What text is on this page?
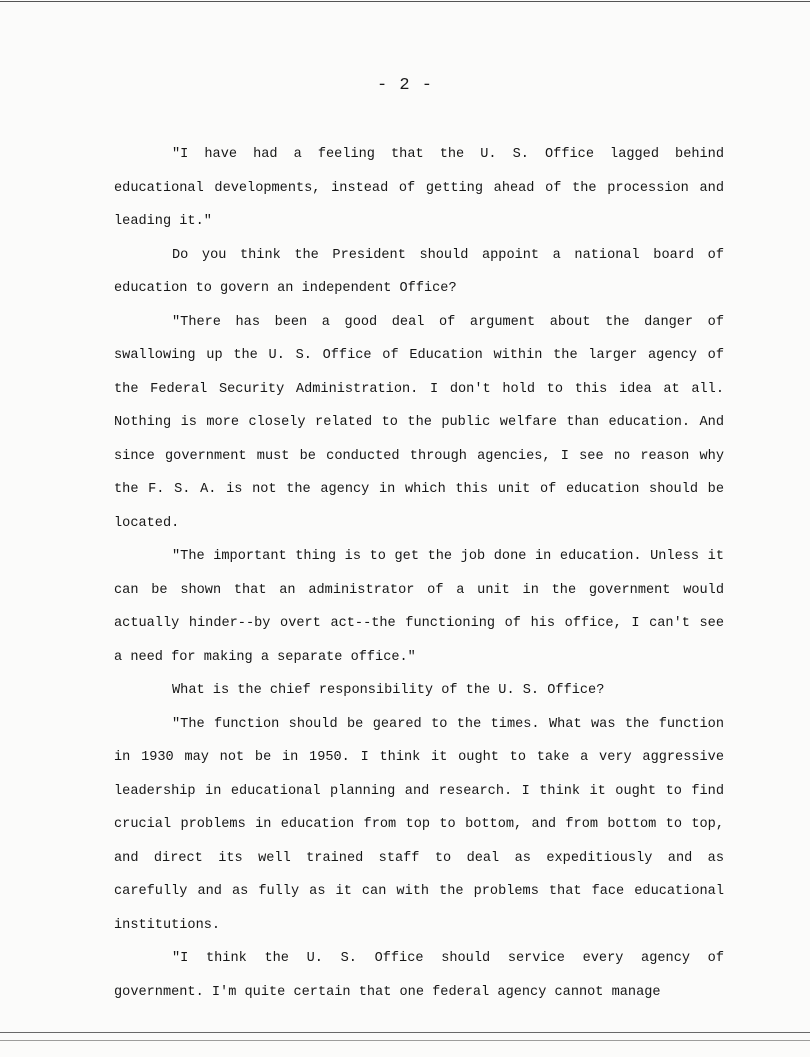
- 2 -

"I have had a feeling that the U. S. Office lagged behind educational developments, instead of getting ahead of the procession and leading it."

Do you think the President should appoint a national board of education to govern an independent Office?

"There has been a good deal of argument about the danger of swallowing up the U. S. Office of Education within the larger agency of the Federal Security Administration. I don't hold to this idea at all. Nothing is more closely related to the public welfare than education. And since government must be conducted through agencies, I see no reason why the F. S. A. is not the agency in which this unit of education should be located.

"The important thing is to get the job done in education. Unless it can be shown that an administrator of a unit in the government would actually hinder--by overt act--the functioning of his office, I can't see a need for making a separate office."

What is the chief responsibility of the U. S. Office?

"The function should be geared to the times. What was the function in 1930 may not be in 1950. I think it ought to take a very aggressive leadership in educational planning and research. I think it ought to find crucial problems in education from top to bottom, and from bottom to top, and direct its well trained staff to deal as expeditiously and as carefully and as fully as it can with the problems that face educational institutions.

"I think the U. S. Office should service every agency of government. I'm quite certain that one federal agency cannot manage
